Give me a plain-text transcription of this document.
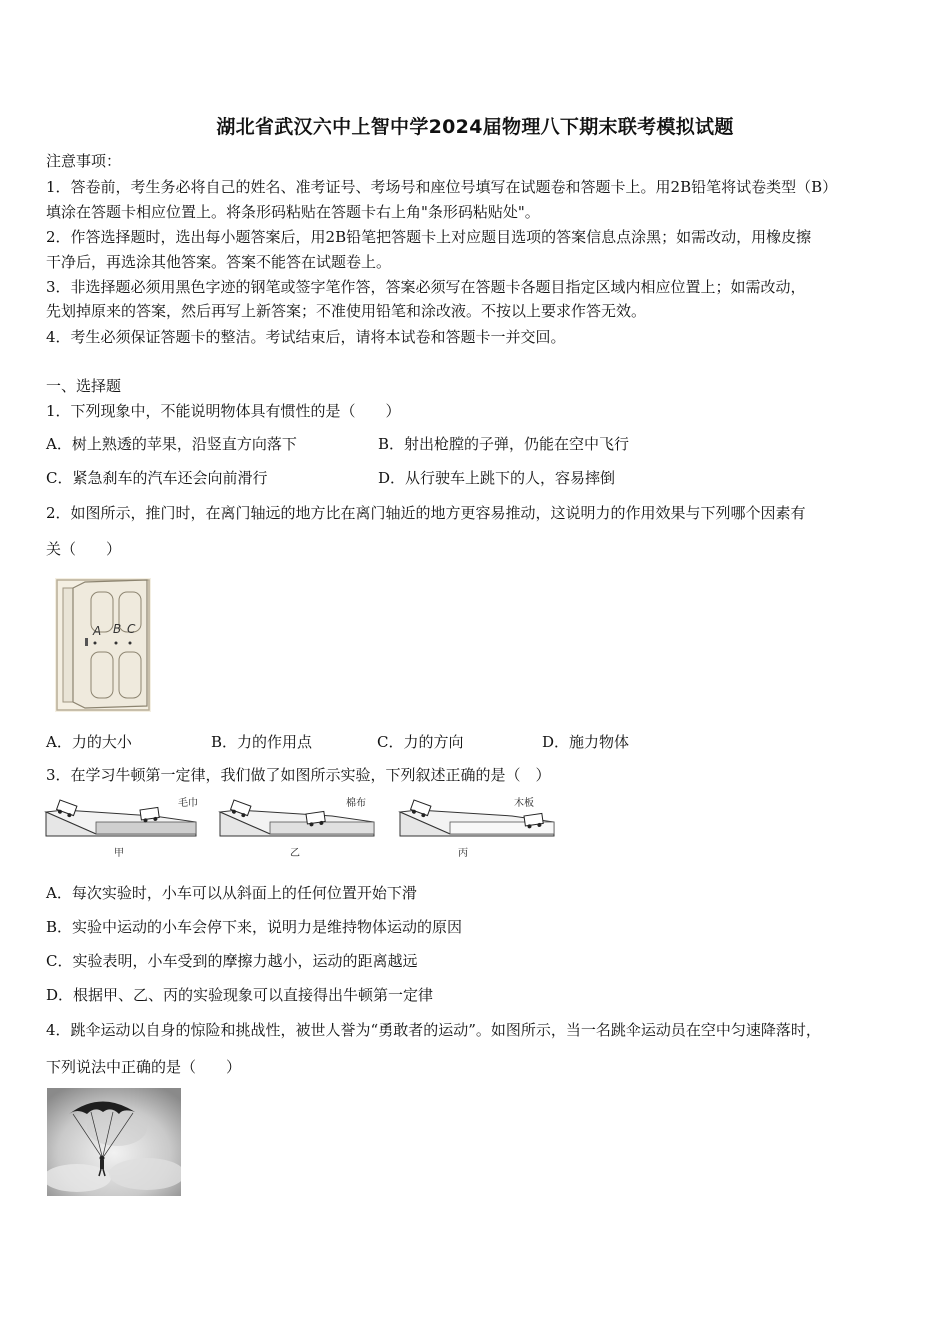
湖北省武汉六中上智中学2024届物理八下期末联考模拟试题
注意事项：
1．答卷前，考生务必将自己的姓名、准考证号、考场号和座位号填写在试题卷和答题卡上。用2B铅笔将试卷类型（B）
填涂在答题卡相应位置上。将条形码粘贴在答题卡右上角"条形码粘贴处"。
2．作答选择题时，选出每小题答案后，用2B铅笔把答题卡上对应题目选项的答案信息点涂黑；如需改动，用橡皮擦
干净后，再选涂其他答案。答案不能答在试题卷上。
3．非选择题必须用黑色字迹的钢笔或签字笔作答，答案必须写在答题卡各题目指定区域内相应位置上；如需改动，
先划掉原来的答案，然后再写上新答案；不准使用铅笔和涂改液。不按以上要求作答无效。
4．考生必须保证答题卡的整洁。考试结束后，请将本试卷和答题卡一并交回。
一、选择题
1．下列现象中，不能说明物体具有惯性的是（　　）
A．树上熟透的苹果，沿竖直方向落下	B．射出枪膛的子弹，仍能在空中飞行
C．紧急刹车的汽车还会向前滑行	D．从行驶车上跳下的人，容易摔倒
2．如图所示，推门时，在离门轴远的地方比在离门轴近的地方更容易推动，这说明力的作用效果与下列哪个因素有
关（　　）
A B C
A．力的大小	B．力的作用点	C．力的方向	D．施力物体
3．在学习牛顿第一定律，我们做了如图所示实验，下列叙述正确的是（　）
毛巾
甲
棉布
乙
木板
丙
A．每次实验时，小车可以从斜面上的任何位置开始下滑
B．实验中运动的小车会停下来，说明力是维持物体运动的原因
C．实验表明，小车受到的摩擦力越小，运动的距离越远
D．根据甲、乙、丙的实验现象可以直接得出牛顿第一定律
4．跳伞运动以自身的惊险和挑战性，被世人誉为“勇敢者的运动”。如图所示，当一名跳伞运动员在空中匀速降落时，
下列说法中正确的是（　　）
